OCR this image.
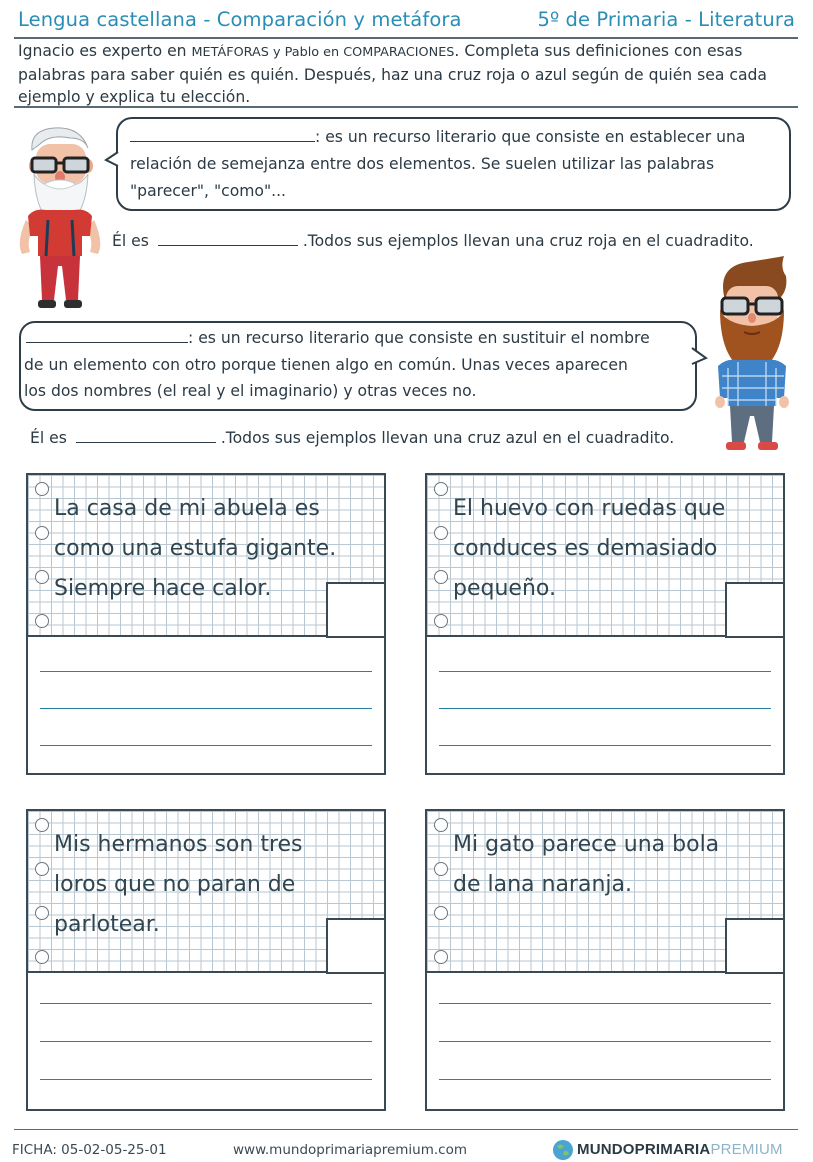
Lengua castellana - Comparación y metáfora	5º de Primaria - Literatura
Ignacio es experto en METÁFORAS y Pablo en COMPARACIONES. Completa sus definiciones con esas palabras para saber quién es quién. Después, haz una cruz roja o azul según de quién sea cada ejemplo y explica tu elección.
: es un recurso literario que consiste en establecer una
relación de semejanza entre dos elementos. Se suelen utilizar las palabras
"parecer", "como"...
Él es	.Todos sus ejemplos llevan una cruz roja en el cuadradito.
: es un recurso literario que consiste en sustituir el nombre
de un elemento con otro porque tienen algo en común. Unas veces aparecen
los dos nombres (el real y el imaginario) y otras veces no.
Él es	.Todos sus ejemplos llevan una cruz azul en el cuadradito.
La casa de mi abuela es
como una estufa gigante.
Siempre hace calor.
El huevo con ruedas que
conduces es demasiado
pequeño.
Mis hermanos son tres
loros que no paran de
parlotear.
Mi gato parece una bola
de lana naranja.
FICHA: 05-02-05-25-01	www.mundoprimariapremium.com	MUNDOPRIMARIAPREMIUM
